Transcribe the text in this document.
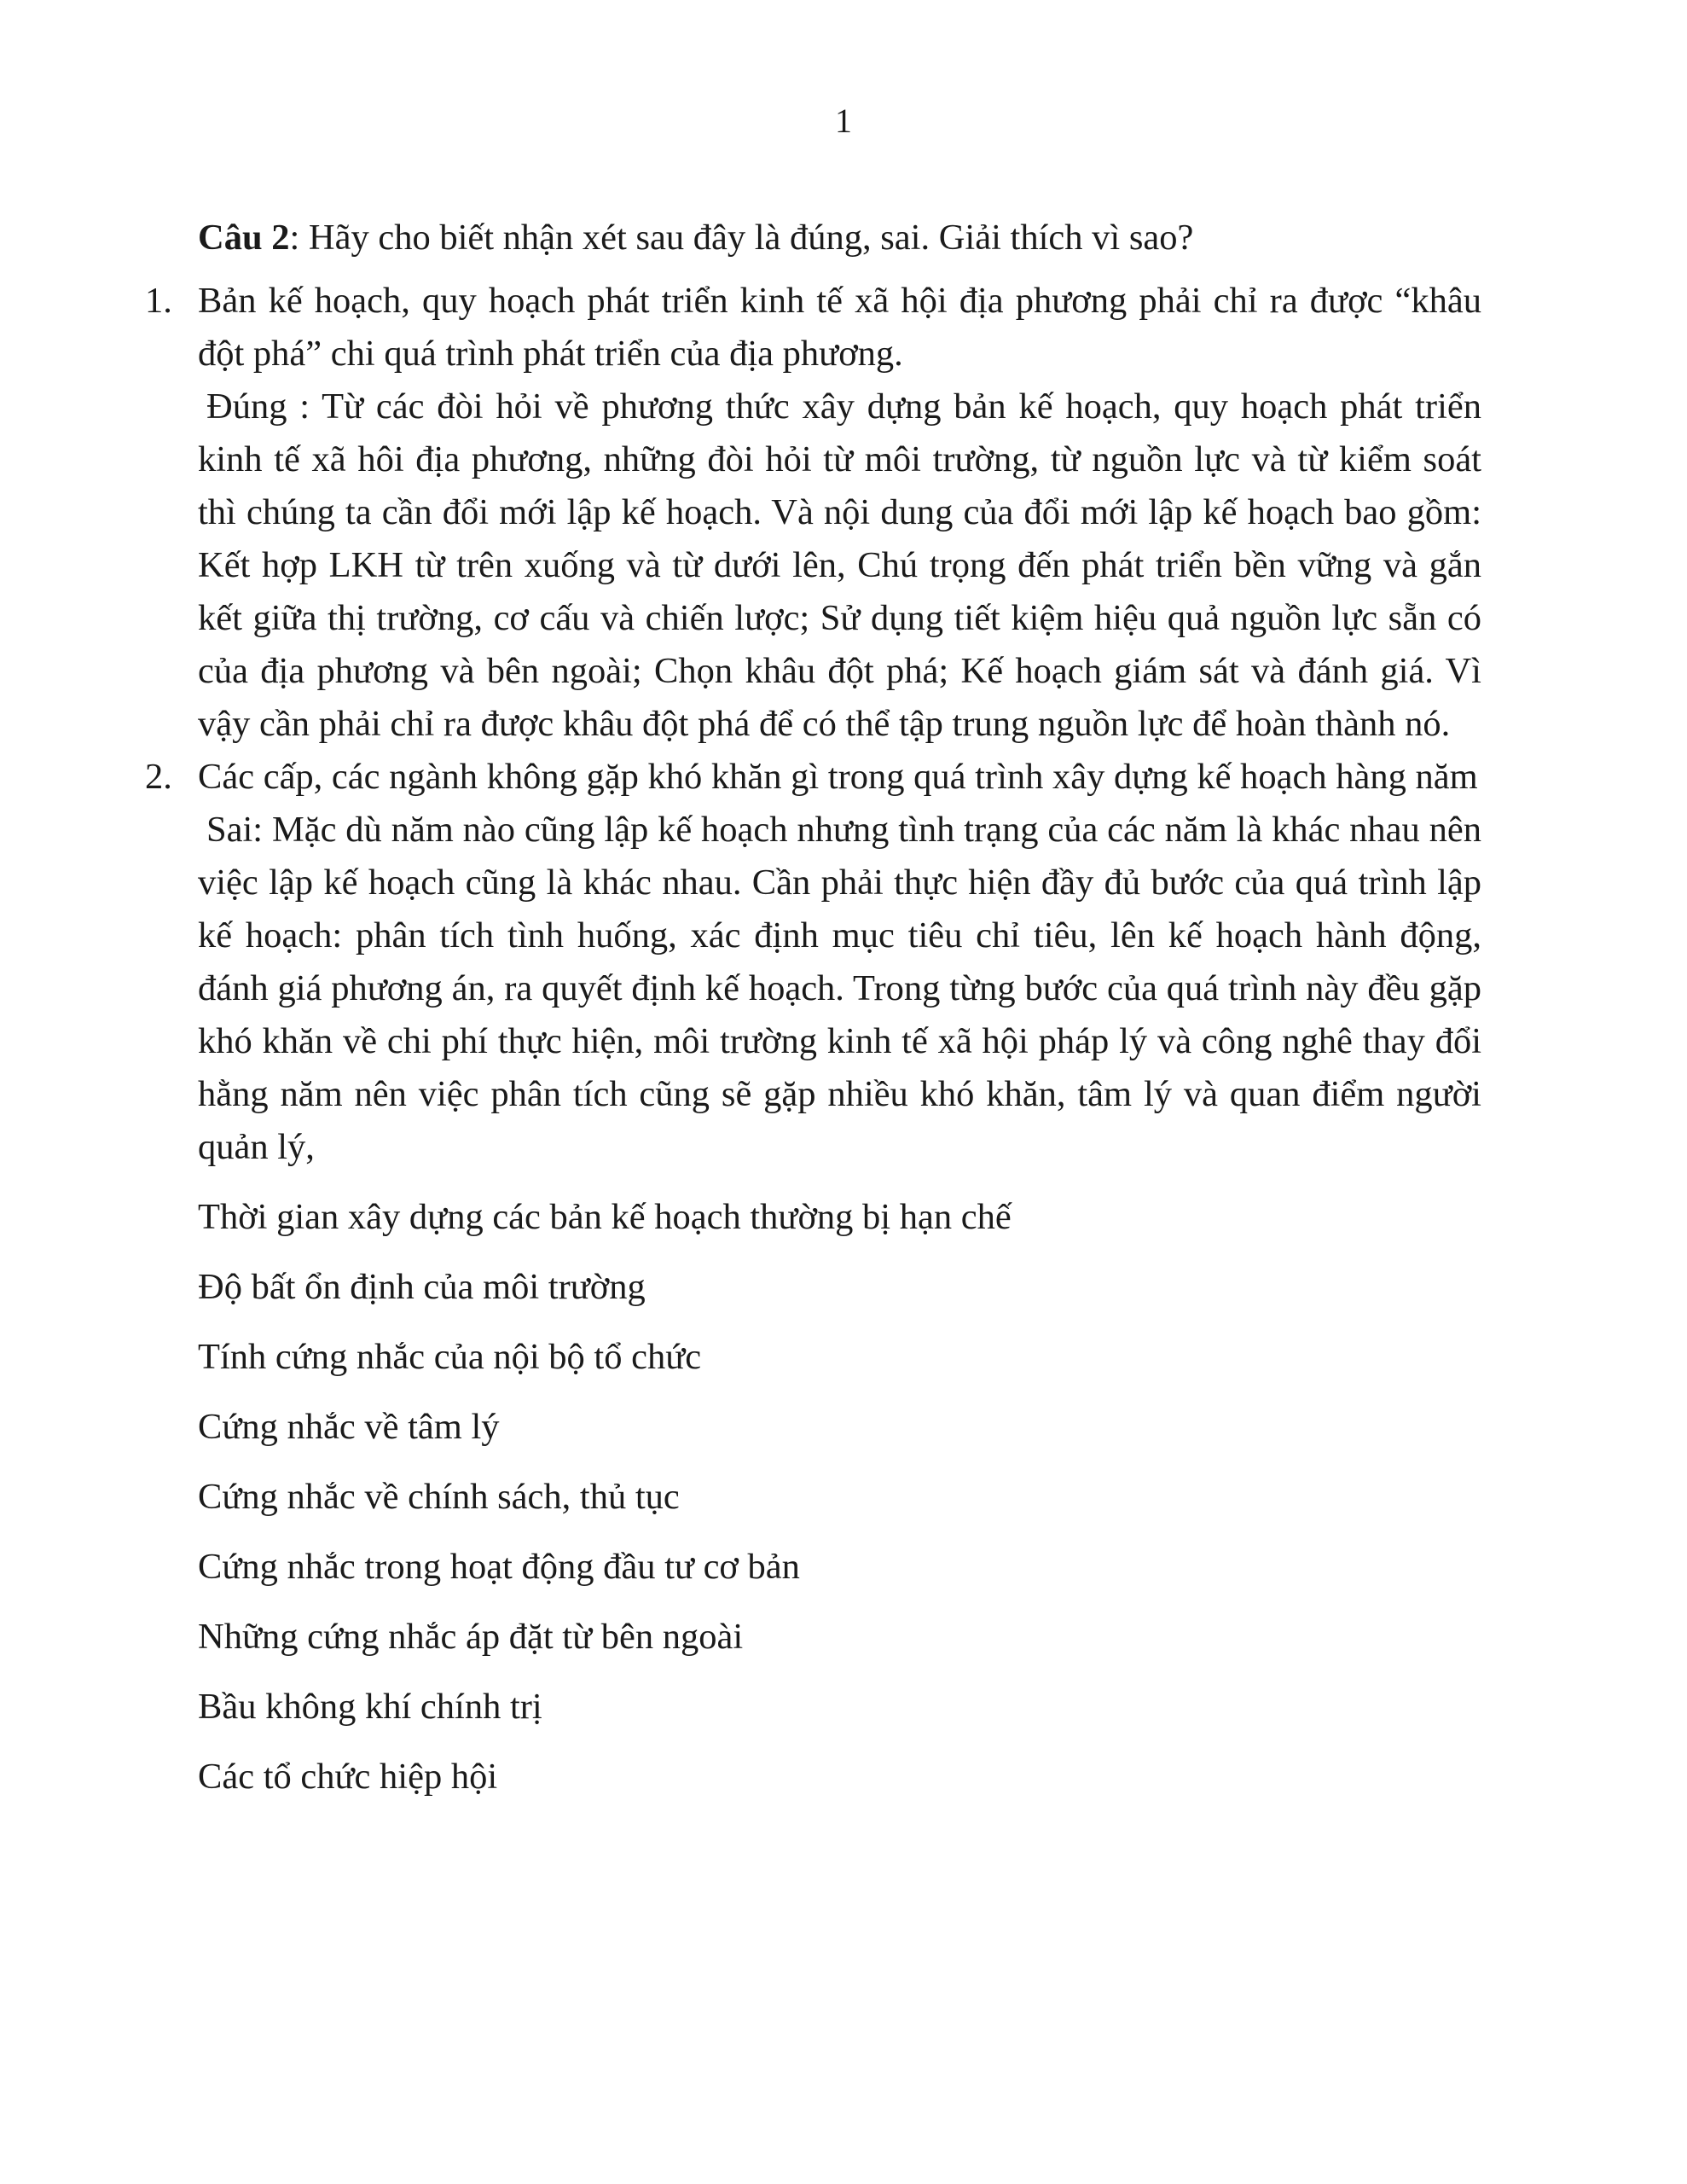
1

Câu 2: Hãy cho biết nhận xét sau đây là đúng, sai. Giải thích vì sao?

1. Bản kế hoạch, quy hoạch phát triển kinh tế xã hội địa phương phải chỉ ra được “khâu đột phá” chi quá trình phát triển của địa phương.

Đúng : Từ các đòi hỏi về phương thức xây dựng bản kế hoạch, quy hoạch phát triển kinh tế xã hôi địa phương, những đòi hỏi từ môi trường, từ nguồn lực và từ kiểm soát thì chúng ta cần đổi mới lập kế hoạch. Và nội dung của đổi mới lập kế hoạch bao gồm: Kết hợp LKH từ trên xuống và từ dưới lên, Chú trọng đến phát triển bền vững và gắn kết giữa thị trường, cơ cấu và chiến lược; Sử dụng tiết kiệm hiệu quả nguồn lực sẵn có của địa phương và bên ngoài; Chọn khâu đột phá; Kế hoạch giám sát và đánh giá. Vì vậy cần phải chỉ ra được khâu đột phá để có thể tập trung nguồn lực để hoàn thành nó.

2. Các cấp, các ngành không gặp khó khăn gì trong quá trình xây dựng kế hoạch hàng năm

Sai: Mặc dù năm nào cũng lập kế hoạch nhưng tình trạng của các năm là khác nhau nên việc lập kế hoạch cũng là khác nhau. Cần phải thực hiện đầy đủ bước của quá trình lập kế hoạch: phân tích tình huống, xác định mục tiêu chỉ tiêu, lên kế hoạch hành động, đánh giá phương án, ra quyết định kế hoạch. Trong từng bước của quá trình này đều gặp khó khăn về chi phí thực hiện, môi trường kinh tế xã hội pháp lý và công nghê thay đổi hằng năm nên việc phân tích cũng sẽ gặp nhiều khó khăn, tâm lý và quan điểm người quản lý,

Thời gian xây dựng các bản kế hoạch thường bị hạn chế

Độ bất ổn định của môi trường

Tính cứng nhắc của nội bộ tổ chức

Cứng nhắc về tâm lý

Cứng nhắc về chính sách, thủ tục

Cứng nhắc trong hoạt động đầu tư cơ bản

Những cứng nhắc áp đặt từ bên ngoài

Bầu không khí chính trị

Các tổ chức hiệp hội
